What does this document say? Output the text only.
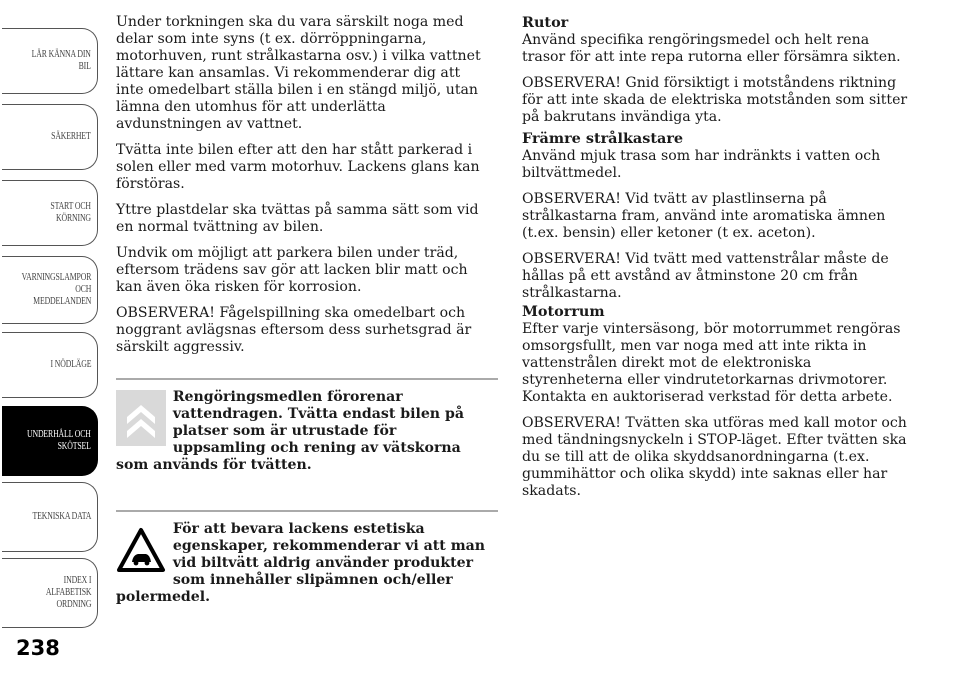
LÄR KÄNNA DIN
BIL
SÄKERHET
START OCH
KÖRNING
VARNINGSLAMPOR
OCH
MEDDELANDEN
I NÖDLÄGE
UNDERHÅLL OCH
SKÖTSEL
TEKNISKA DATA
INDEX I
ALFABETISK
ORDNING
238

Under torkningen ska du vara särskilt noga med delar som inte syns (t ex. dörröppningarna, motorhuven, runt strålkastarna osv.) i vilka vattnet lättare kan ansamlas. Vi rekommenderar dig att inte omedelbart ställa bilen i en stängd miljö, utan lämna den utomhus för att underlätta avdunstningen av vattnet.

Tvätta inte bilen efter att den har stått parkerad i solen eller med varm motorhuv. Lackens glans kan förstöras.

Yttre plastdelar ska tvättas på samma sätt som vid en normal tvättning av bilen.

Undvik om möjligt att parkera bilen under träd, eftersom trädens sav gör att lacken blir matt och kan även öka risken för korrosion.

OBSERVERA! Fågelspillning ska omedelbart och noggrant avlägsnas eftersom dess surhetsgrad är särskilt aggressiv.

Rengöringsmedlen förorenar vattendragen. Tvätta endast bilen på platser som är utrustade för uppsamling och rening av vätskorna som används för tvätten.

För att bevara lackens estetiska egenskaper, rekommenderar vi att man vid biltvätt aldrig använder produkter som innehåller slipämnen och/eller polermedel.

Rutor

Använd specifika rengöringsmedel och helt rena trasor för att inte repa rutorna eller försämra sikten.

OBSERVERA! Gnid försiktigt i motståndens riktning för att inte skada de elektriska motstånden som sitter på bakrutans invändiga yta.

Främre strålkastare

Använd mjuk trasa som har indränkts i vatten och biltvättmedel.

OBSERVERA! Vid tvätt av plastlinserna på strålkastarna fram, använd inte aromatiska ämnen (t.ex. bensin) eller ketoner (t ex. aceton).

OBSERVERA! Vid tvätt med vattenstrålar måste de hållas på ett avstånd av åtminstone 20 cm från strålkastarna.

Motorrum

Efter varje vintersäsong, bör motorrummet rengöras omsorgsfullt, men var noga med att inte rikta in vattenstrålen direkt mot de elektroniska styrenheterna eller vindrutetorkarnas drivmotorer. Kontakta en auktoriserad verkstad för detta arbete.

OBSERVERA! Tvätten ska utföras med kall motor och med tändningsnyckeln i STOP-läget. Efter tvätten ska du se till att de olika skyddsanordningarna (t.ex. gummihättor och olika skydd) inte saknas eller har skadats.
